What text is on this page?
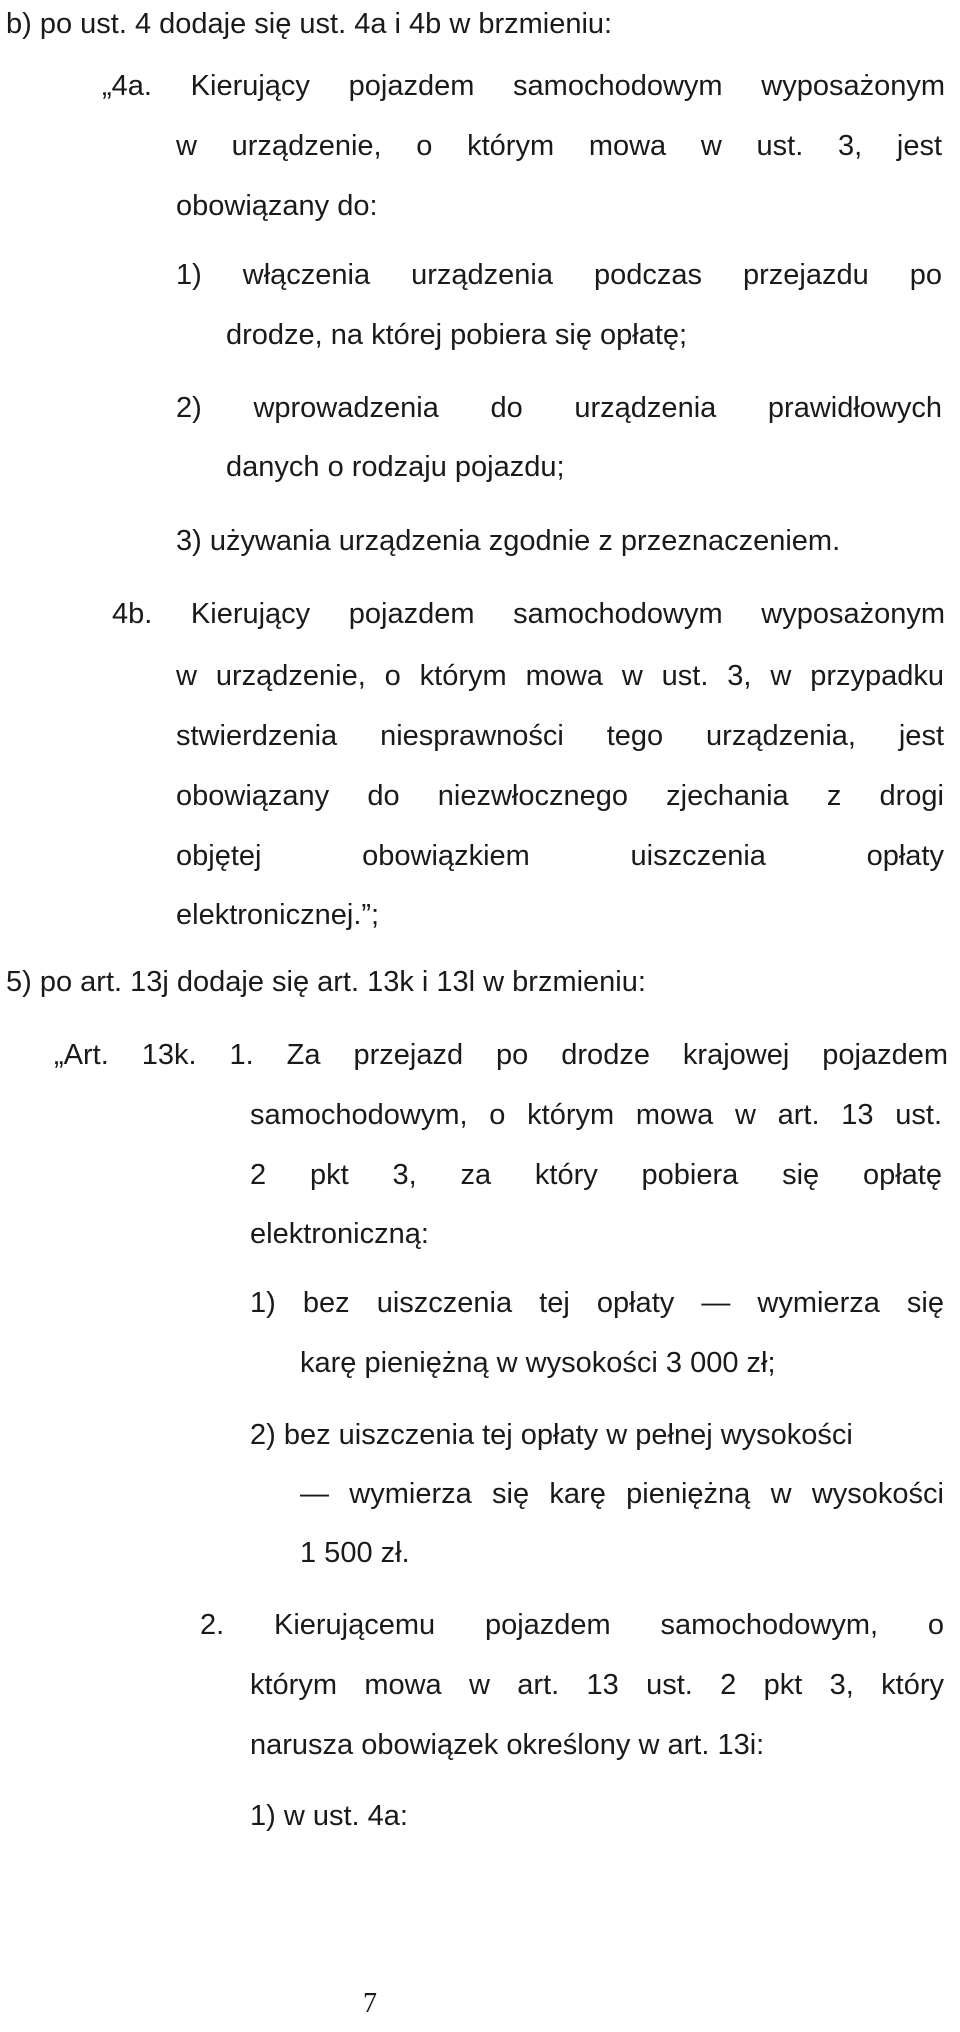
b) po ust. 4 dodaje się ust. 4a i 4b w brzmieniu:
„4a. Kierujący pojazdem samochodowym wyposażonym
w urządzenie, o którym mowa w ust. 3, jest
obowiązany do:
1) włączenia urządzenia podczas przejazdu po
drodze, na której pobiera się opłatę;
2) wprowadzenia do urządzenia prawidłowych
danych o rodzaju pojazdu;
3) używania urządzenia zgodnie z przeznaczeniem.
4b. Kierujący pojazdem samochodowym wyposażonym
w urządzenie, o którym mowa w ust. 3, w przypadku
stwierdzenia niesprawności tego urządzenia, jest
obowiązany do niezwłocznego zjechania z drogi
objętej obowiązkiem uiszczenia opłaty
elektronicznej.”;
5) po art. 13j dodaje się art. 13k i 13l w brzmieniu:
„Art. 13k. 1. Za przejazd po drodze krajowej pojazdem
samochodowym, o którym mowa w art. 13 ust.
2 pkt 3, za który pobiera się opłatę
elektroniczną:
1) bez uiszczenia tej opłaty — wymierza się
karę pieniężną w wysokości 3 000 zł;
2) bez uiszczenia tej opłaty w pełnej wysokości
— wymierza się karę pieniężną w wysokości
1 500 zł.
2. Kierującemu pojazdem samochodowym, o
którym mowa w art. 13 ust. 2 pkt 3, który
narusza obowiązek określony w art. 13i:
1) w ust. 4a:
7
